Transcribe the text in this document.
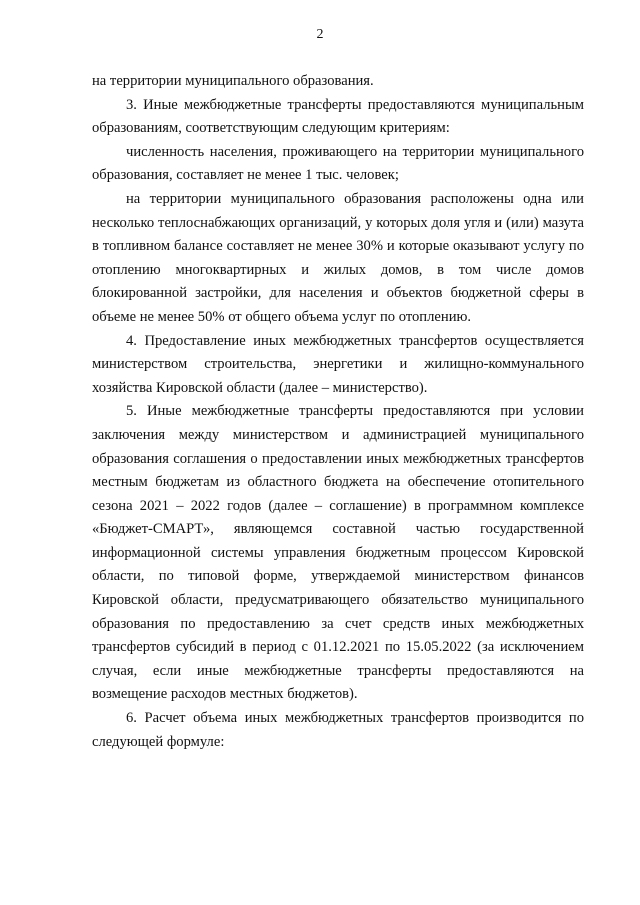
2

на территории муниципального образования.

3. Иные межбюджетные трансферты предоставляются муниципальным образованиям, соответствующим следующим критериям:

численность населения, проживающего на территории муниципального образования, составляет не менее 1 тыс. человек;

на территории муниципального образования расположены одна или несколько теплоснабжающих организаций, у которых доля угля и (или) мазута в топливном балансе составляет не менее 30% и которые оказывают услугу по отоплению многоквартирных и жилых домов, в том числе домов блокированной застройки, для населения и объектов бюджетной сферы в объеме не менее 50% от общего объема услуг по отоплению.

4. Предоставление иных межбюджетных трансфертов осуществляется министерством строительства, энергетики и жилищно-коммунального хозяйства Кировской области (далее – министерство).

5. Иные межбюджетные трансферты предоставляются при условии заключения между министерством и администрацией муниципального образования соглашения о предоставлении иных межбюджетных трансфертов местным бюджетам из областного бюджета на обеспечение отопительного сезона 2021 – 2022 годов (далее – соглашение) в программном комплексе «Бюджет-СМАРТ», являющемся составной частью государственной информационной системы управления бюджетным процессом Кировской области, по типовой форме, утверждаемой министерством финансов Кировской области, предусматривающего обязательство муниципального образования по предоставлению за счет средств иных межбюджетных трансфертов субсидий в период с 01.12.2021 по 15.05.2022 (за исключением случая, если иные межбюджетные трансферты предоставляются на возмещение расходов местных бюджетов).

6. Расчет объема иных межбюджетных трансфертов производится по следующей формуле:
